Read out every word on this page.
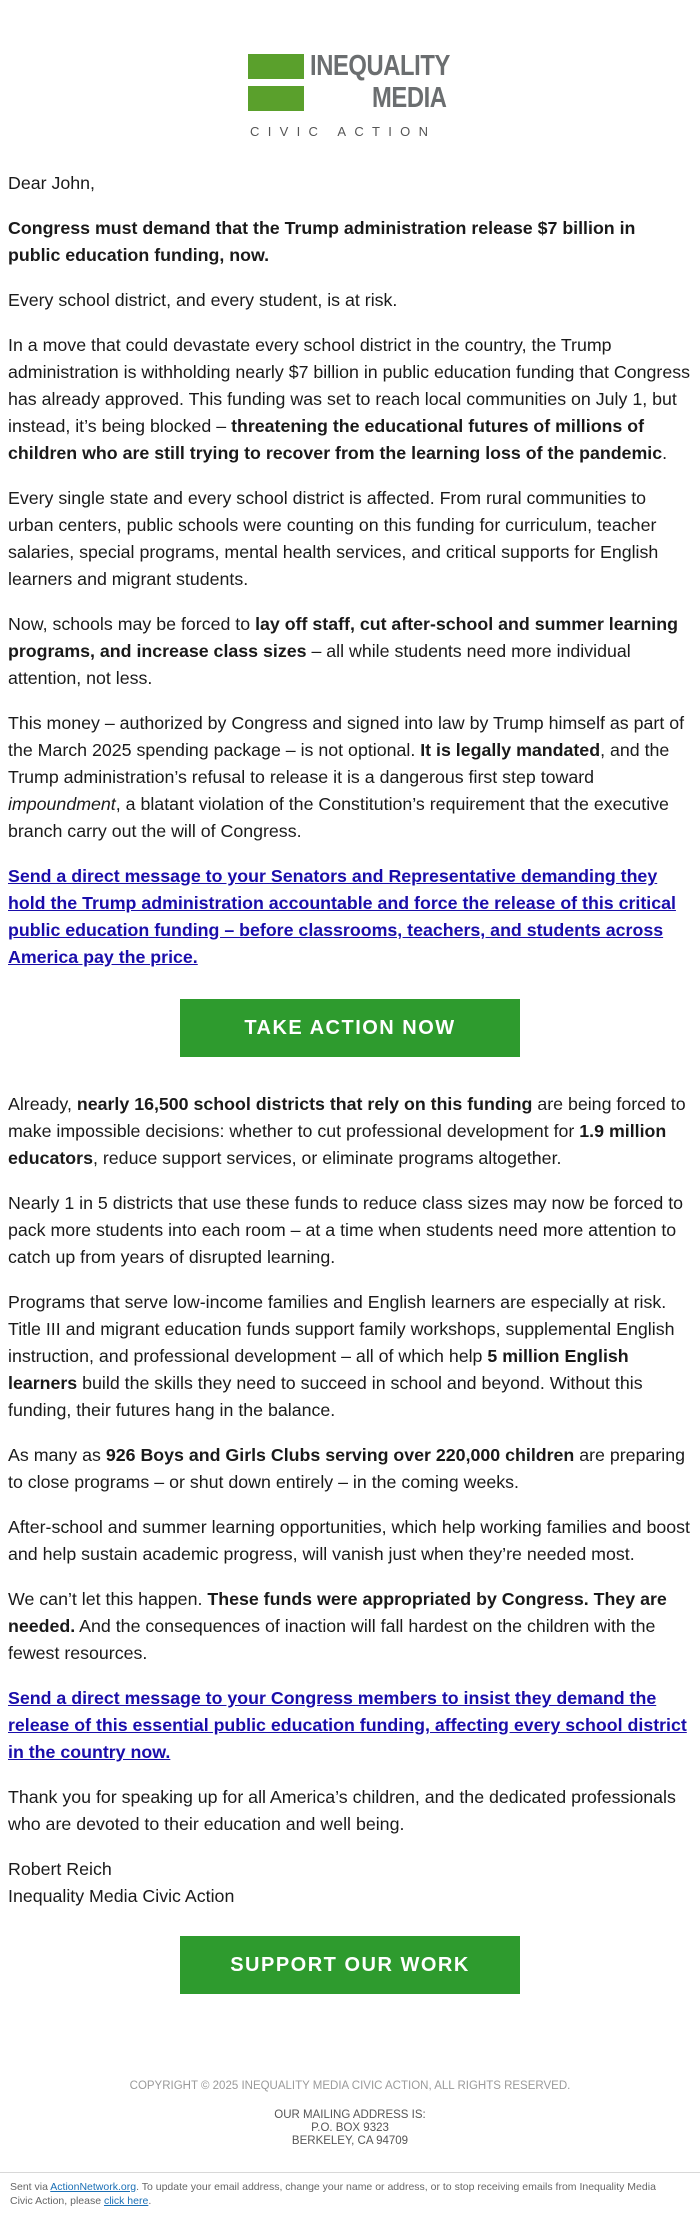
INEQUALITY
MEDIA
CIVIC ACTION

Dear John,

Congress must demand that the Trump administration release $7 billion in public education funding, now.

Every school district, and every student, is at risk.

In a move that could devastate every school district in the country, the Trump administration is withholding nearly $7 billion in public education funding that Congress has already approved. This funding was set to reach local communities on July 1, but instead, it’s being blocked – threatening the educational futures of millions of children who are still trying to recover from the learning loss of the pandemic.

Every single state and every school district is affected. From rural communities to urban centers, public schools were counting on this funding for curriculum, teacher salaries, special programs, mental health services, and critical supports for English learners and migrant students.

Now, schools may be forced to lay off staff, cut after-school and summer learning programs, and increase class sizes – all while students need more individual attention, not less.

This money – authorized by Congress and signed into law by Trump himself as part of the March 2025 spending package – is not optional. It is legally mandated, and the Trump administration’s refusal to release it is a dangerous first step toward impoundment, a blatant violation of the Constitution’s requirement that the executive branch carry out the will of Congress.

Send a direct message to your Senators and Representative demanding they hold the Trump administration accountable and force the release of this critical public education funding – before classrooms, teachers, and students across America pay the price.

TAKE ACTION NOW

Already, nearly 16,500 school districts that rely on this funding are being forced to make impossible decisions: whether to cut professional development for 1.9 million educators, reduce support services, or eliminate programs altogether.

Nearly 1 in 5 districts that use these funds to reduce class sizes may now be forced to pack more students into each room – at a time when students need more attention to catch up from years of disrupted learning.

Programs that serve low-income families and English learners are especially at risk. Title III and migrant education funds support family workshops, supplemental English instruction, and professional development – all of which help 5 million English learners build the skills they need to succeed in school and beyond. Without this funding, their futures hang in the balance.

As many as 926 Boys and Girls Clubs serving over 220,000 children are preparing to close programs – or shut down entirely – in the coming weeks.

After-school and summer learning opportunities, which help working families and boost and help sustain academic progress, will vanish just when they’re needed most.

We can’t let this happen. These funds were appropriated by Congress. They are needed. And the consequences of inaction will fall hardest on the children with the fewest resources.

Send a direct message to your Congress members to insist they demand the release of this essential public education funding, affecting every school district in the country now.

Thank you for speaking up for all America’s children, and the dedicated professionals who are devoted to their education and well being.

Robert Reich
Inequality Media Civic Action

SUPPORT OUR WORK
COPYRIGHT © 2025 INEQUALITY MEDIA CIVIC ACTION, ALL RIGHTS RESERVED.
OUR MAILING ADDRESS IS:
P.O. BOX 9323
BERKELEY, CA 94709
Sent via ActionNetwork.org. To update your email address, change your name or address, or to stop receiving emails from Inequality Media Civic Action, please click here.
